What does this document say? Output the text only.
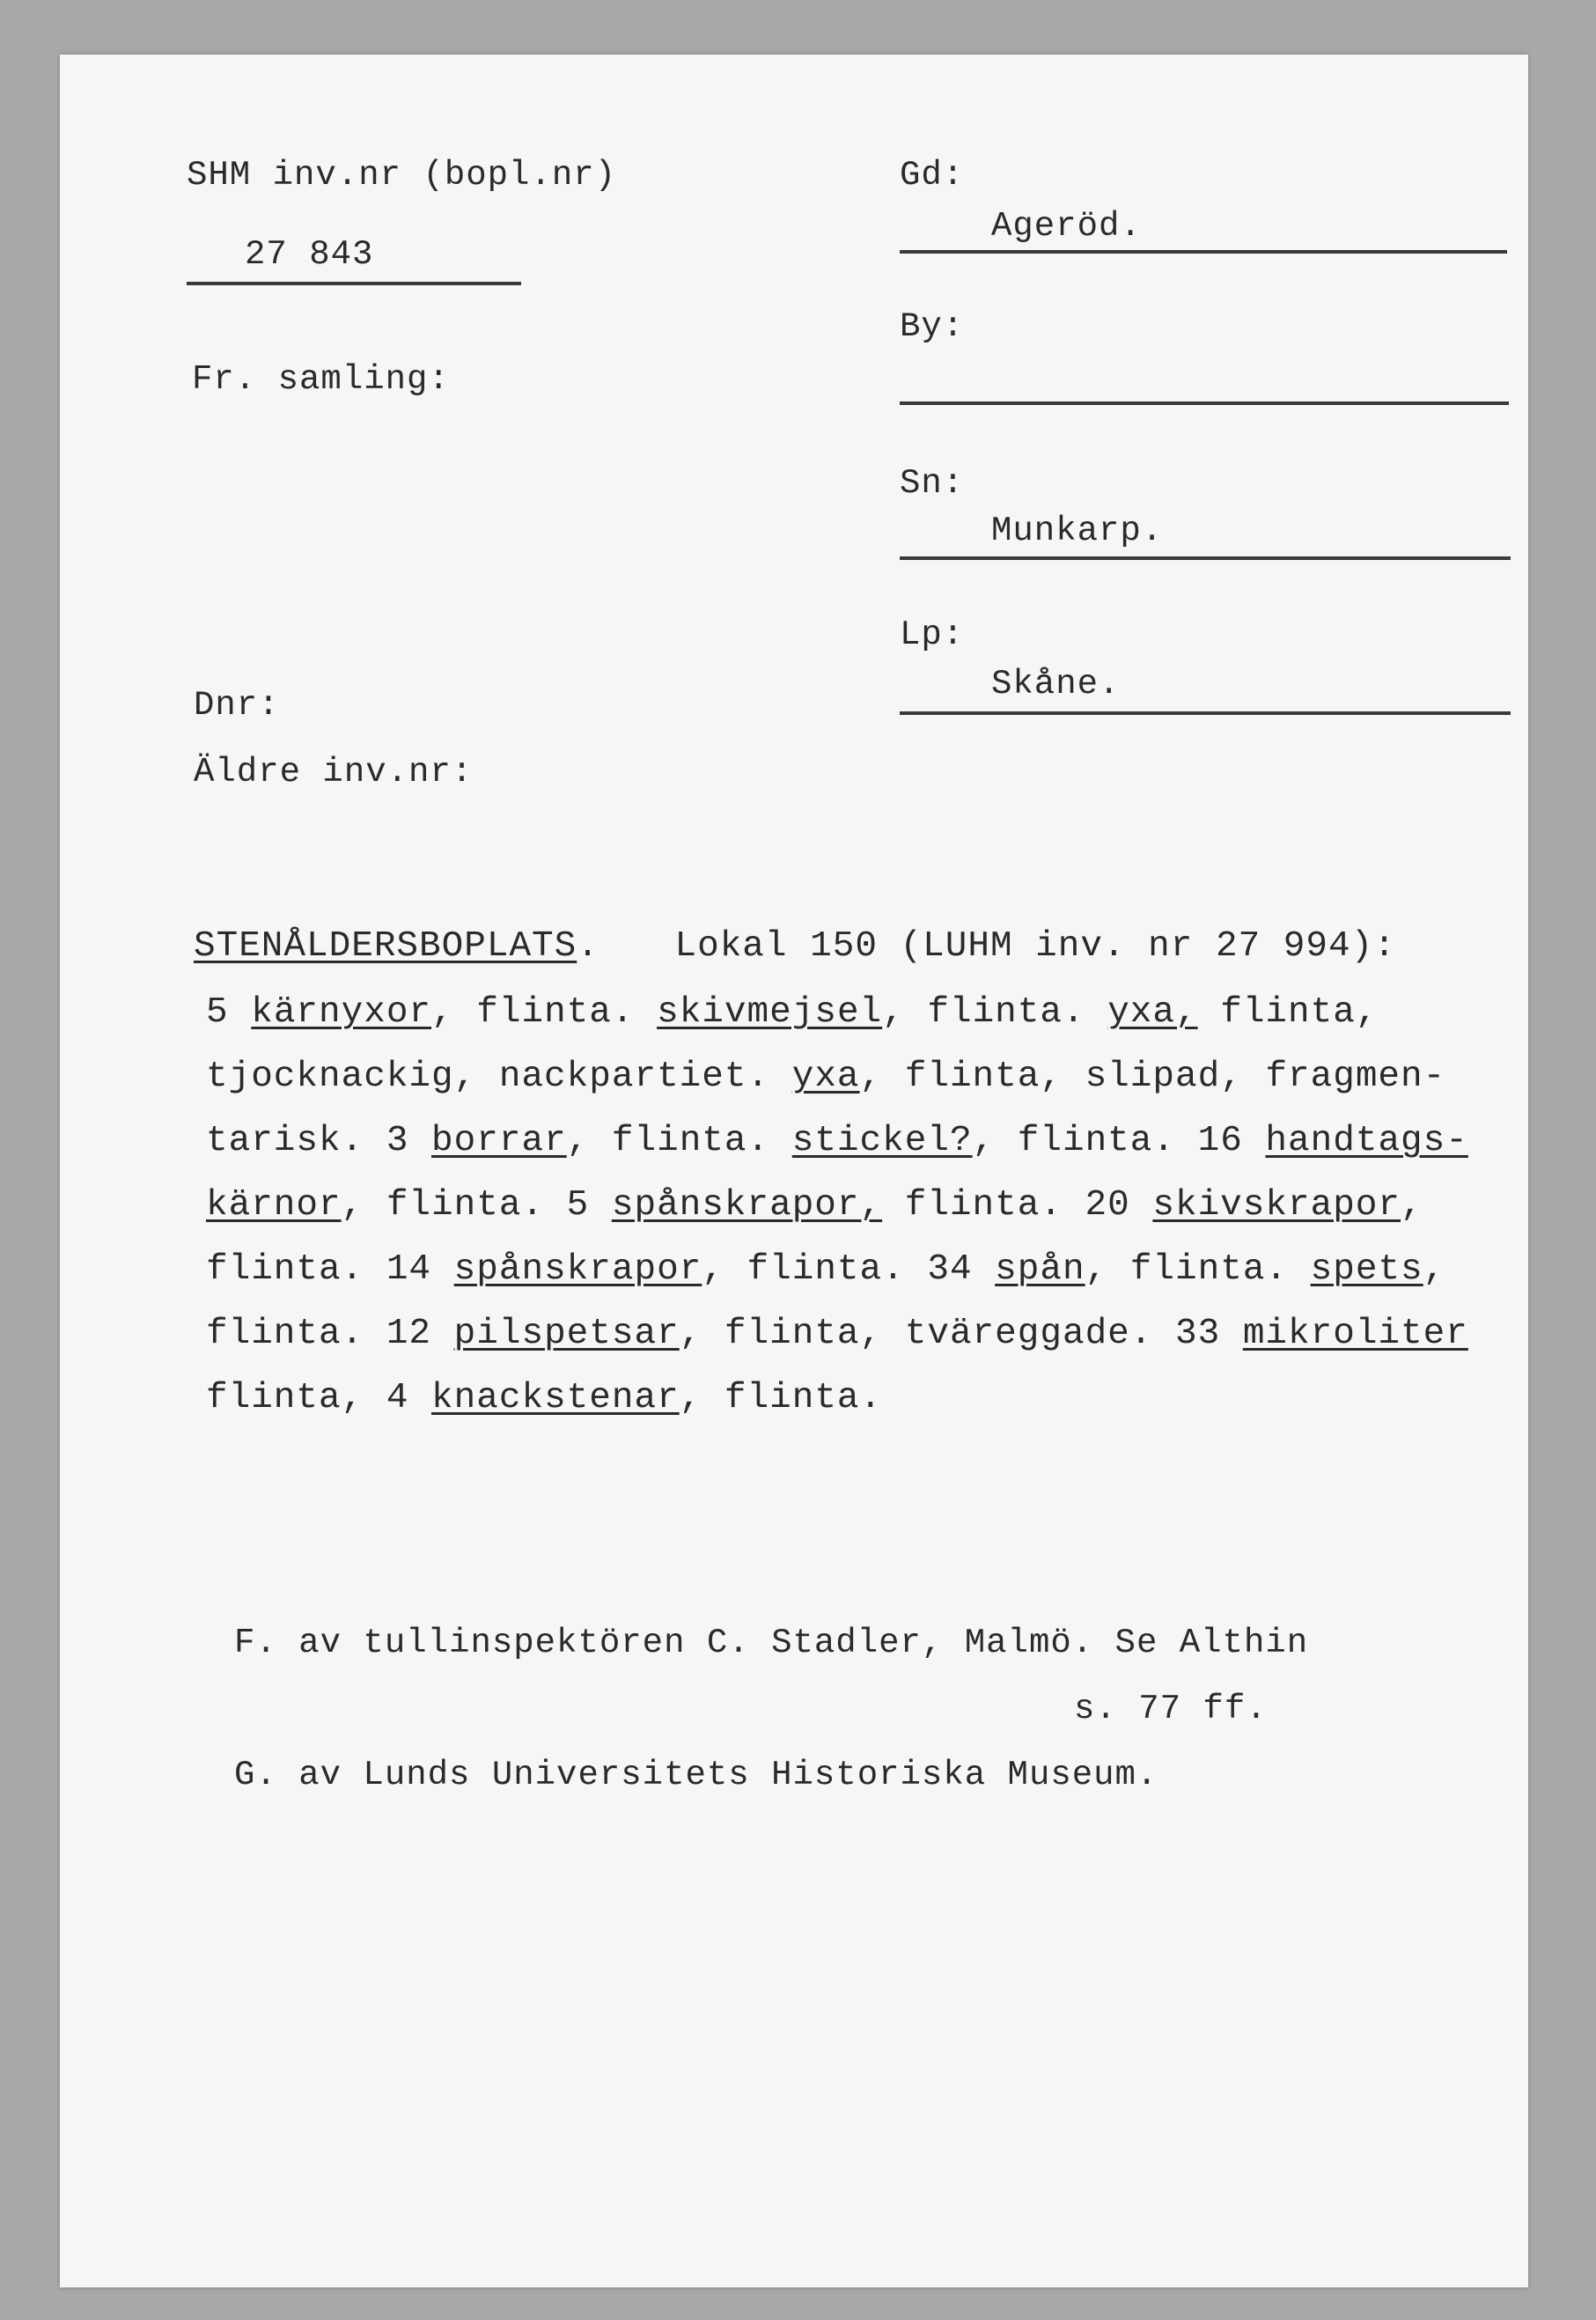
SHM inv.nr (bopl.nr)
27 843
Fr. samling:
Dnr:
Äldre inv.nr:
Gd:
Ageröd.
By:
Sn:
Munkarp.
Lp:
Skåne.
STENÅLDERSBOPLATS. Lokal 150 (LUHM inv. nr 27 994):
5 kärnyxor, flinta. skivmejsel, flinta. yxa, flinta,
tjocknackig, nackpartiet. yxa, flinta, slipad, fragmen-
tarisk. 3 borrar, flinta. stickel?, flinta. 16 handtags-
kärnor, flinta. 5 spånskrapor, flinta. 20 skivskrapor,
flinta. 14 spånskrapor, flinta. 34 spån, flinta. spets,
flinta. 12 pilspetsar, flinta, tväreggade. 33 mikroliter
flinta, 4 knackstenar, flinta.
F. av tullinspektören C. Stadler, Malmö. Se Althin
s. 77 ff.
G. av Lunds Universitets Historiska Museum.
